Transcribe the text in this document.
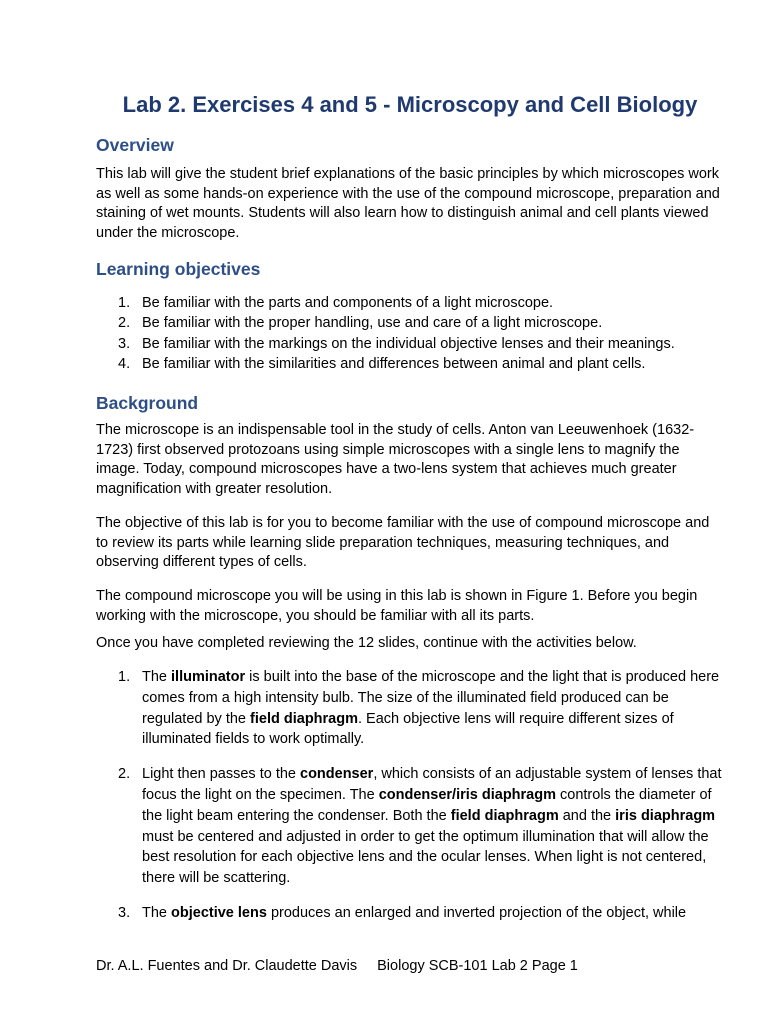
Lab 2. Exercises 4 and 5 - Microscopy and Cell Biology
Overview

This lab will give the student brief explanations of the basic principles by which microscopes work as well as some hands-on experience with the use of the compound microscope, preparation and staining of wet mounts. Students will also learn how to distinguish animal and cell plants viewed under the microscope.

Learning objectives
1. Be familiar with the parts and components of a light microscope.
2. Be familiar with the proper handling, use and care of a light microscope.
3. Be familiar with the markings on the individual objective lenses and their meanings.
4. Be familiar with the similarities and differences between animal and plant cells.
Background

The microscope is an indispensable tool in the study of cells. Anton van Leeuwenhoek (1632-1723) first observed protozoans using simple microscopes with a single lens to magnify the image. Today, compound microscopes have a two-lens system that achieves much greater magnification with greater resolution.

The objective of this lab is for you to become familiar with the use of compound microscope and to review its parts while learning slide preparation techniques, measuring techniques, and observing different types of cells.

The compound microscope you will be using in this lab is shown in Figure 1. Before you begin working with the microscope, you should be familiar with all its parts.

Once you have completed reviewing the 12 slides, continue with the activities below.

1. The illuminator is built into the base of the microscope and the light that is produced here comes from a high intensity bulb. The size of the illuminated field produced can be regulated by the field diaphragm. Each objective lens will require different sizes of illuminated fields to work optimally.
2. Light then passes to the condenser, which consists of an adjustable system of lenses that focus the light on the specimen. The condenser/iris diaphragm controls the diameter of the light beam entering the condenser. Both the field diaphragm and the iris diaphragm must be centered and adjusted in order to get the optimum illumination that will allow the best resolution for each objective lens and the ocular lenses. When light is not centered, there will be scattering.
3. The objective lens produces an enlarged and inverted projection of the object, while
Dr. A.L. Fuentes and Dr. Claudette Davis Biology SCB-101 Lab 2 Page 1
